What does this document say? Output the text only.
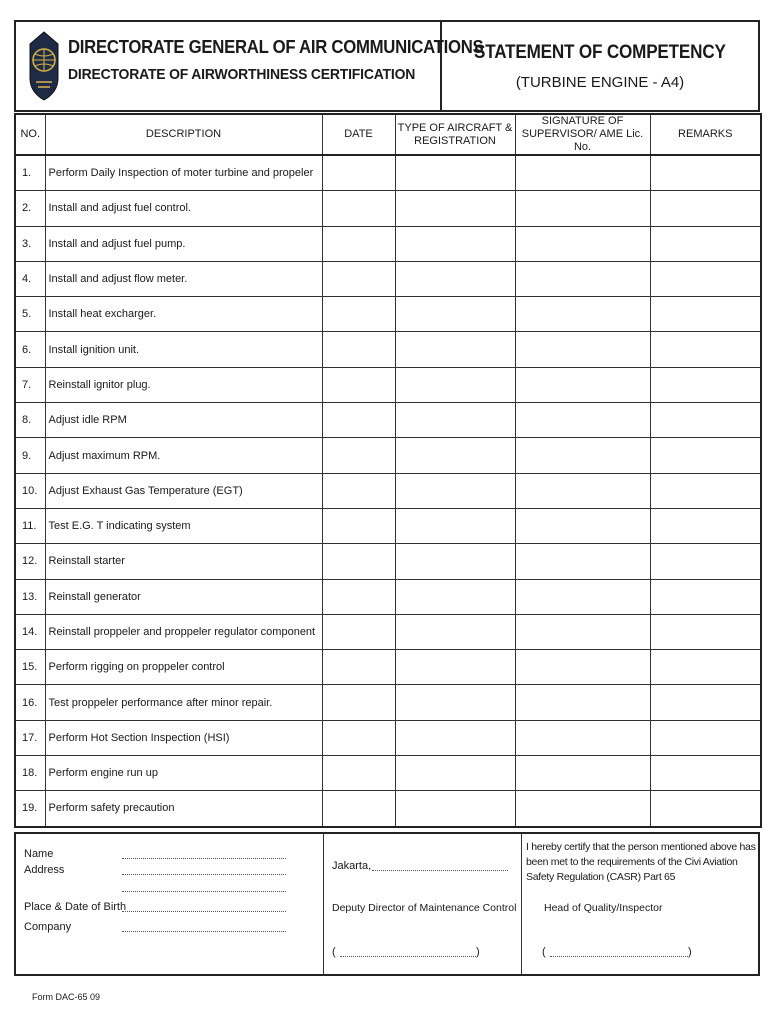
DIRECTORATE GENERAL OF AIR COMMUNICATIONS
DIRECTORATE OF AIRWORTHINESS CERTIFICATION
STATEMENT OF COMPETENCY
(TURBINE ENGINE - A4)
NO.	DESCRIPTION	DATE	TYPE OF AIRCRAFT & REGISTRATION	SIGNATURE OF SUPERVISOR/ AME Lic. No.	REMARKS
1.	Perform Daily Inspection of moter turbine and propeler				
2.	Install and adjust fuel control.				
3.	Install and adjust fuel pump.				
4.	Install and adjust flow meter.				
5.	Install heat excharger.				
6.	Install ignition unit.				
7.	Reinstall ignitor plug.				
8.	Adjust idle RPM				
9.	Adjust maximum RPM.				
10.	Adjust Exhaust Gas Temperature (EGT)				
11.	Test E.G. T indicating system				
12.	Reinstall starter				
13.	Reinstall generator				
14.	Reinstall proppeler and proppeler regulator component				
15.	Perform rigging on proppeler control				
16.	Test proppeler performance after minor repair.				
17.	Perform Hot Section Inspection (HSI)				
18.	Perform engine run up				
19.	Perform safety precaution				
Name
Address
Place & Date of Birth
Company
Jakarta,
Deputy Director of Maintenance Control
(	)
I hereby certify that the person mentioned above has been met to the requirements of the Civi Aviation Safety Regulation (CASR) Part 65
Head of Quality/Inspector
(	)
Form DAC-65 09
